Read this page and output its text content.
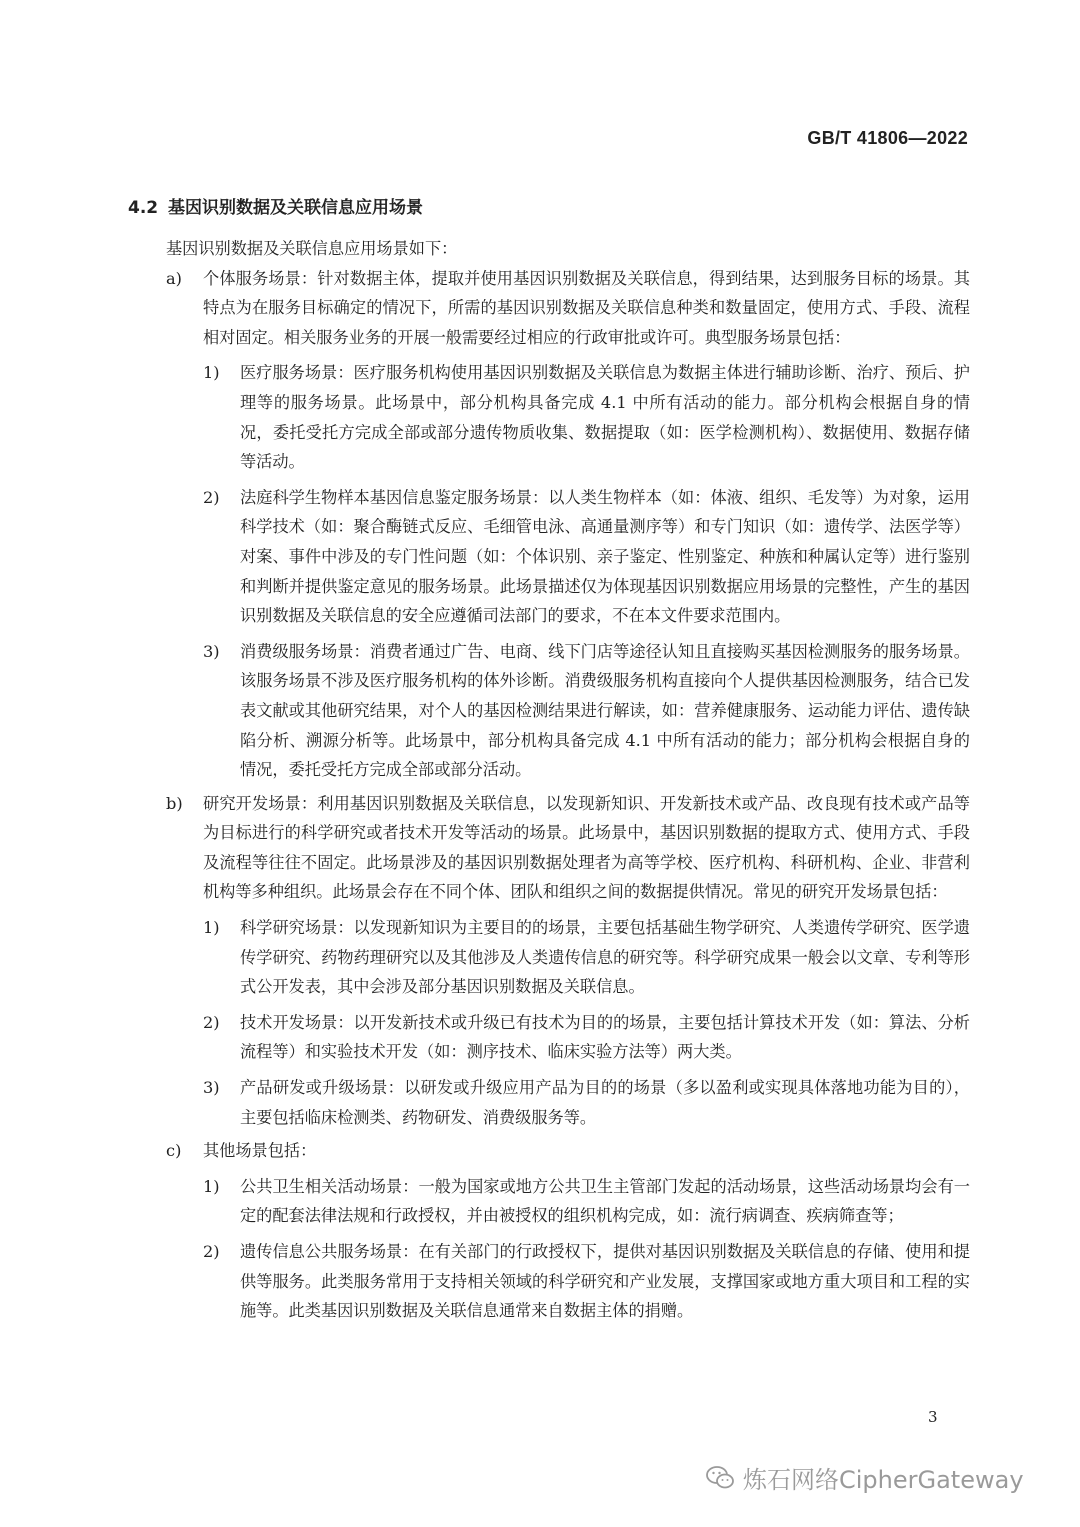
GB/T 41806—2022
4.2 基因识别数据及关联信息应用场景

基因识别数据及关联信息应用场景如下：

a) 个体服务场景：针对数据主体，提取并使用基因识别数据及关联信息，得到结果，达到服务目标的场景。其特点为在服务目标确定的情况下，所需的基因识别数据及关联信息种类和数量固定，使用方式、手段、流程相对固定。相关服务业务的开展一般需要经过相应的行政审批或许可。典型服务场景包括：

1) 医疗服务场景：医疗服务机构使用基因识别数据及关联信息为数据主体进行辅助诊断、治疗、预后、护理等的服务场景。此场景中，部分机构具备完成 4.1 中所有活动的能力。部分机构会根据自身的情况，委托受托方完成全部或部分遗传物质收集、数据提取（如：医学检测机构）、数据使用、数据存储等活动。

2) 法庭科学生物样本基因信息鉴定服务场景：以人类生物样本（如：体液、组织、毛发等）为对象，运用科学技术（如：聚合酶链式反应、毛细管电泳、高通量测序等）和专门知识（如：遗传学、法医学等）对案、事件中涉及的专门性问题（如：个体识别、亲子鉴定、性别鉴定、种族和种属认定等）进行鉴别和判断并提供鉴定意见的服务场景。此场景描述仅为体现基因识别数据应用场景的完整性，产生的基因识别数据及关联信息的安全应遵循司法部门的要求，不在本文件要求范围内。

3) 消费级服务场景：消费者通过广告、电商、线下门店等途径认知且直接购买基因检测服务的服务场景。该服务场景不涉及医疗服务机构的体外诊断。消费级服务机构直接向个人提供基因检测服务，结合已发表文献或其他研究结果，对个人的基因检测结果进行解读，如：营养健康服务、运动能力评估、遗传缺陷分析、溯源分析等。此场景中，部分机构具备完成 4.1 中所有活动的能力；部分机构会根据自身的情况，委托受托方完成全部或部分活动。

b) 研究开发场景：利用基因识别数据及关联信息，以发现新知识、开发新技术或产品、改良现有技术或产品等为目标进行的科学研究或者技术开发等活动的场景。此场景中，基因识别数据的提取方式、使用方式、手段及流程等往往不固定。此场景涉及的基因识别数据处理者为高等学校、医疗机构、科研机构、企业、非营利机构等多种组织。此场景会存在不同个体、团队和组织之间的数据提供情况。常见的研究开发场景包括：

1) 科学研究场景：以发现新知识为主要目的的场景，主要包括基础生物学研究、人类遗传学研究、医学遗传学研究、药物药理研究以及其他涉及人类遗传信息的研究等。科学研究成果一般会以文章、专利等形式公开发表，其中会涉及部分基因识别数据及关联信息。

2) 技术开发场景：以开发新技术或升级已有技术为目的的场景，主要包括计算技术开发（如：算法、分析流程等）和实验技术开发（如：测序技术、临床实验方法等）两大类。

3) 产品研发或升级场景：以研发或升级应用产品为目的的场景（多以盈利或实现具体落地功能为目的），主要包括临床检测类、药物研发、消费级服务等。

c) 其他场景包括：

1) 公共卫生相关活动场景：一般为国家或地方公共卫生主管部门发起的活动场景，这些活动场景均会有一定的配套法律法规和行政授权，并由被授权的组织机构完成，如：流行病调查、疾病筛查等；

2) 遗传信息公共服务场景：在有关部门的行政授权下，提供对基因识别数据及关联信息的存储、使用和提供等服务。此类服务常用于支持相关领域的科学研究和产业发展，支撑国家或地方重大项目和工程的实施等。此类基因识别数据及关联信息通常来自数据主体的捐赠。

3
炼石网络CipherGateway
